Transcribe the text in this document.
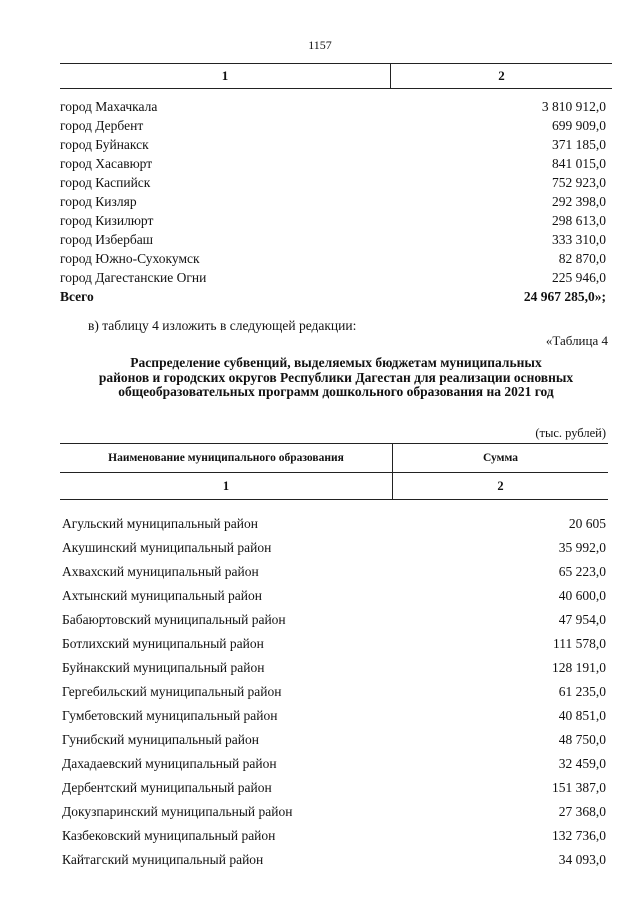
1157
1	2

город Махачкала	3 810 912,0
город Дербент	699 909,0
город Буйнакск	371 185,0
город Хасавюрт	841 015,0
город Каспийск	752 923,0
город Кизляр	292 398,0
город Кизилюрт	298 613,0
город Избербаш	333 310,0
город Южно-Сухокумск	82 870,0
город Дагестанские Огни	225 946,0
Всего	24 967 285,0»;
в) таблицу 4 изложить в следующей редакции:
«Таблица 4
Распределение субвенций, выделяемых бюджетам муниципальных
районов и городских округов Республики Дагестан для реализации основных
общеобразовательных программ дошкольного образования на 2021 год
(тыс. рублей)
Наименование муниципального образования	Сумма
1	2

Агульский муниципальный район	20 605
Акушинский муниципальный район	35 992,0
Ахвахский муниципальный район	65 223,0
Ахтынский муниципальный район	40 600,0
Бабаюртовский муниципальный район	47 954,0
Ботлихский муниципальный район	111 578,0
Буйнакский муниципальный район	128 191,0
Гергебильский муниципальный район	61 235,0
Гумбетовский муниципальный район	40 851,0
Гунибский муниципальный район	48 750,0
Дахадаевский муниципальный район	32 459,0
Дербентский муниципальный район	151 387,0
Докузпаринский муниципальный район	27 368,0
Казбековский муниципальный район	132 736,0
Кайтагский муниципальный район	34 093,0
